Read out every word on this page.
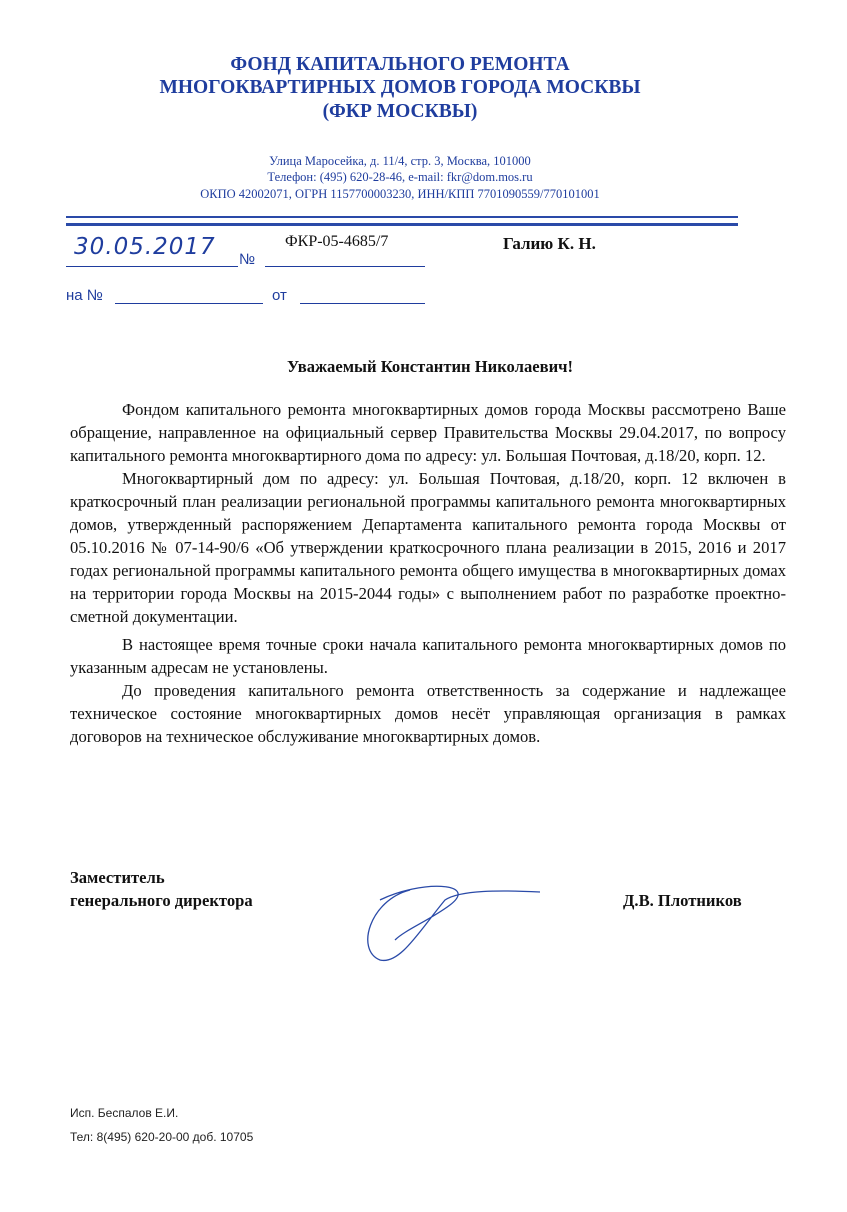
ФОНД КАПИТАЛЬНОГО РЕМОНТА
МНОГОКВАРТИРНЫХ ДОМОВ ГОРОДА МОСКВЫ
(ФКР МОСКВЫ)
Улица Маросейка, д. 11/4, стр. 3, Москва, 101000
Телефон: (495) 620-28-46, e-mail: fkr@dom.mos.ru
ОКПО 42002071, ОГРН 1157700003230, ИНН/КПП 7701090559/770101001
30.05.2017 №
ФКР-05-4685/7	Галию К. Н.
на №	от
Уважаемый Константин Николаевич!

Фондом капитального ремонта многоквартирных домов города Москвы рассмотрено Ваше обращение, направленное на официальный сервер Правительства Москвы 29.04.2017, по вопросу капитального ремонта многоквартирного дома по адресу: ул. Большая Почтовая, д.18/20, корп. 12.

Многоквартирный дом по адресу: ул. Большая Почтовая, д.18/20, корп. 12 включен в краткосрочный план реализации региональной программы капитального ремонта многоквартирных домов, утвержденный распоряжением Департамента капитального ремонта города Москвы от 05.10.2016 № 07-14-90/6 «Об утверждении краткосрочного плана реализации в 2015, 2016 и 2017 годах региональной программы капитального ремонта общего имущества в многоквартирных домах на территории города Москвы на 2015-2044 годы» с выполнением работ по разработке проектно-сметной документации.

В настоящее время точные сроки начала капитального ремонта многоквартирных домов по указанным адресам не установлены.

До проведения капитального ремонта ответственность за содержание и надлежащее техническое состояние многоквартирных домов несёт управляющая организация в рамках договоров на техническое обслуживание многоквартирных домов.

Заместитель
генерального директора	Д.В. Плотников
Исп. Беспалов Е.И.
Тел: 8(495) 620-20-00 доб. 10705
